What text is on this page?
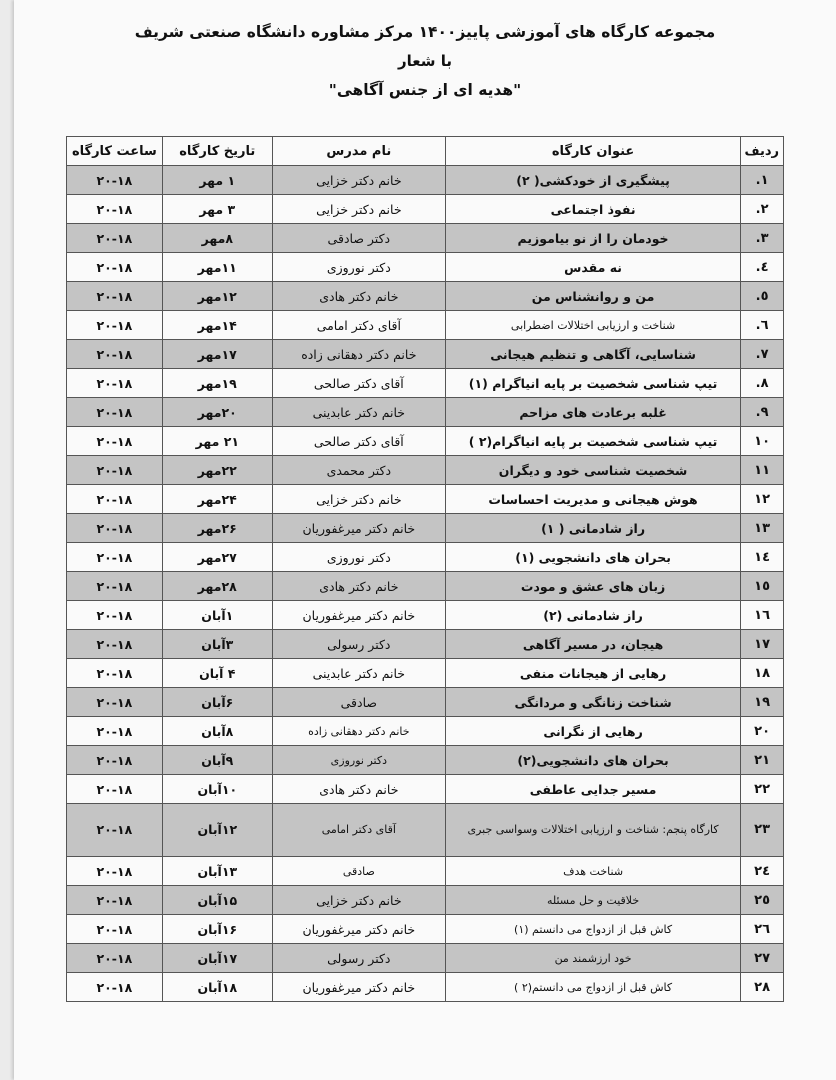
مجموعه کارگاه های آموزشی پاییز۱۴۰۰ مرکز مشاوره دانشگاه صنعتی شریف
با شعار
"هدیه ای از جنس آگاهی"
ردیف	عنوان کارگاه	نام مدرس	تاریخ کارگاه	ساعت کارگاه
۱.	پیشگیری از خودکشی( ۲)	خانم دکتر خزایی	۱ مهر	۲۰-۱۸
۲.	نفوذ اجتماعی	خانم دکتر خزایی	۳ مهر	۲۰-۱۸
۳.	خودمان را از نو بیاموزیم	دکتر صادقی	۸مهر	۲۰-۱۸
٤.	نه مقدس	دکتر نوروزی	۱۱مهر	۲۰-۱۸
٥.	من و روانشناس من	خانم دکتر هادی	۱۲مهر	۲۰-۱۸
٦.	شناخت و ارزیابی اختلالات اضطرابی	آقای دکتر امامی	۱۴مهر	۲۰-۱۸
۷.	شناسایی، آگاهی و تنظیم هیجانی	خانم دکتر دهقانی زاده	۱۷مهر	۲۰-۱۸
۸.	تیپ شناسی شخصیت بر پایه انیاگرام (۱)	آقای دکتر صالحی	۱۹مهر	۲۰-۱۸
۹.	غلبه برعادت های مزاحم	خانم دکتر عابدینی	۲۰مهر	۲۰-۱۸
۱۰	تیپ شناسی شخصیت بر پایه انیاگرام(۲ )	آقای دکتر صالحی	۲۱ مهر	۲۰-۱۸
۱۱	شخصیت شناسی خود و دیگران	دکتر محمدی	۲۲مهر	۲۰-۱۸
۱۲	هوش هیجانی و مدیریت احساسات	خانم دکتر خزایی	۲۴مهر	۲۰-۱۸
۱۳	راز شادمانی ( ۱)	خانم دکتر میرغفوریان	۲۶مهر	۲۰-۱۸
۱٤	بحران های دانشجویی (۱)	دکتر نوروزی	۲۷مهر	۲۰-۱۸
۱٥	زبان های عشق و مودت	خانم دکتر هادی	۲۸مهر	۲۰-۱۸
۱٦	راز شادمانی (۲)	خانم دکتر میرغفوریان	۱آبان	۲۰-۱۸
۱۷	هیجان، در مسیر آگاهی	دکتر رسولی	۳آبان	۲۰-۱۸
۱۸	رهایی از هیجانات منفی	خانم دکتر عابدینی	۴ آبان	۲۰-۱۸
۱۹	شناخت زنانگی و مردانگی	صادقی	۶آبان	۲۰-۱۸
۲۰	رهایی از نگرانی	خانم دکتر دهقانی زاده	۸آبان	۲۰-۱۸
۲۱	بحران های دانشجویی(۲)	دکتر نوروزی	۹آبان	۲۰-۱۸
۲۲	مسیر جدایی عاطفی	خانم دکتر هادی	۱۰آبان	۲۰-۱۸
۲۳	کارگاه پنجم: شناخت و ارزیابی اختلالات وسواسی جبری	آقای دکتر امامی	۱۲آبان	۲۰-۱۸
۲٤	شناخت هدف	صادقی	۱۳آبان	۲۰-۱۸
۲٥	خلاقیت و حل مسئله	خانم دکتر خزایی	۱۵آبان	۲۰-۱۸
۲٦	کاش قبل از ازدواج می دانستم (۱)	خانم دکتر میرغفوریان	۱۶آبان	۲۰-۱۸
۲۷	خود ارزشمند من	دکتر رسولی	۱۷آبان	۲۰-۱۸
۲۸	کاش قبل از ازدواج می دانستم(۲ )	خانم دکتر میرغفوریان	۱۸آبان	۲۰-۱۸
